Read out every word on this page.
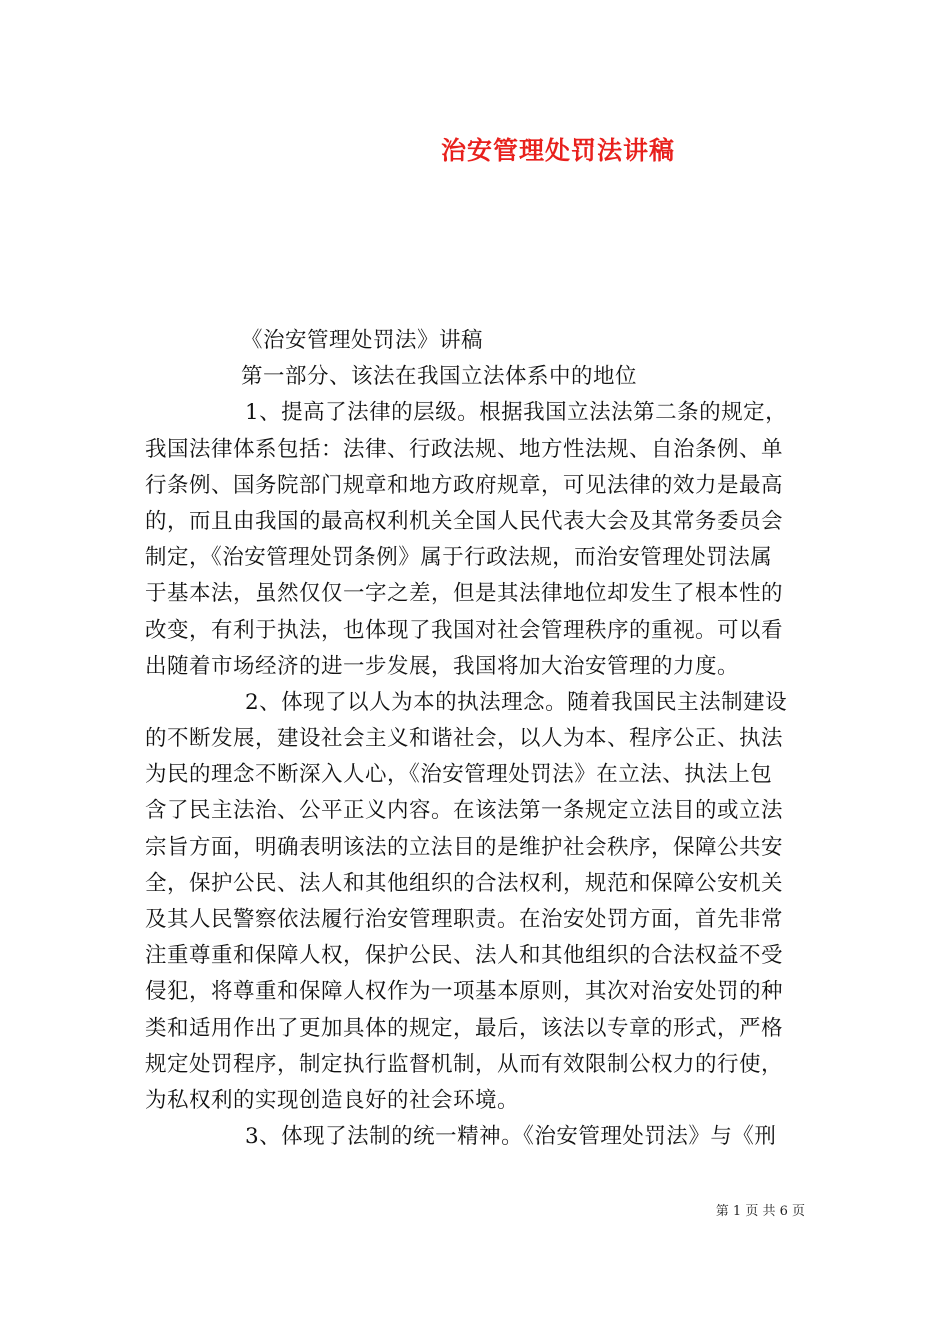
治安管理处罚法讲稿
《治安管理处罚法》讲稿
第一部分、该法在我国立法体系中的地位
1、提高了法律的层级。根据我国立法法第二条的规定，
我国法律体系包括：法律、行政法规、地方性法规、自治条例、单
行条例、国务院部门规章和地方政府规章，可见法律的效力是最高
的，而且由我国的最高权利机关全国人民代表大会及其常务委员会
制定，《治安管理处罚条例》属于行政法规，而治安管理处罚法属
于基本法，虽然仅仅一字之差，但是其法律地位却发生了根本性的
改变，有利于执法，也体现了我国对社会管理秩序的重视。可以看
出随着市场经济的进一步发展，我国将加大治安管理的力度。
2、体现了以人为本的执法理念。随着我国民主法制建设
的不断发展，建设社会主义和谐社会，以人为本、程序公正、执法
为民的理念不断深入人心，《治安管理处罚法》在立法、执法上包
含了民主法治、公平正义内容。在该法第一条规定立法目的或立法
宗旨方面，明确表明该法的立法目的是维护社会秩序，保障公共安
全，保护公民、法人和其他组织的合法权利，规范和保障公安机关
及其人民警察依法履行治安管理职责。在治安处罚方面，首先非常
注重尊重和保障人权，保护公民、法人和其他组织的合法权益不受
侵犯，将尊重和保障人权作为一项基本原则，其次对治安处罚的种
类和适用作出了更加具体的规定，最后，该法以专章的形式，严格
规定处罚程序，制定执行监督机制，从而有效限制公权力的行使，
为私权利的实现创造良好的社会环境。
3、体现了法制的统一精神。《治安管理处罚法》与《刑
第 1 页 共 6 页
